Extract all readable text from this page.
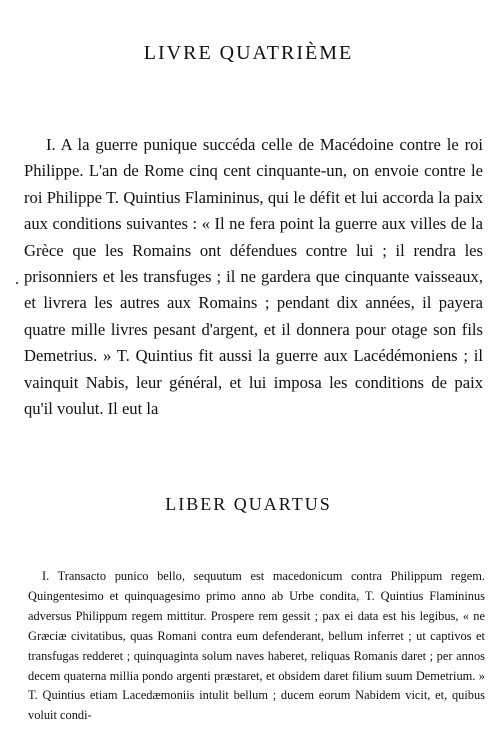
LIVRE QUATRIÈME

I. A la guerre punique succéda celle de Macédoine contre le roi Philippe. L'an de Rome cinq cent cinquante-un, on envoie contre le roi Philippe T. Quintius Flamininus, qui le défit et lui accorda la paix aux conditions suivantes : « Il ne fera point la guerre aux villes de la Grèce que les Romains ont défendues contre lui ; il rendra les prisonniers et les transfuges ; il ne gardera que cinquante vaisseaux, et livrera les autres aux Romains ; pendant dix années, il payera quatre mille livres pesant d'argent, et il donnera pour otage son fils Demetrius. » T. Quintius fit aussi la guerre aux Lacédémoniens ; il vainquit Nabis, leur général, et lui imposa les conditions de paix qu'il voulut. Il eut la

LIBER QUARTUS

I. Transacto punico bello, sequutum est macedonicum contra Philippum regem. Quingentesimo et quinquagesimo primo anno ab Urbe condita, T. Quintius Flamininus adversus Philippum regem mittitur. Prospere rem gessit ; pax ei data est his legibus, « ne Græciæ civitatibus, quas Romani contra eum defenderant, bellum inferret ; ut captivos et transfugas redderet ; quinquaginta solum naves haberet, reliquas Romanis daret ; per annos decem quaterna millia pondo argenti præstaret, et obsidem daret filium suum Demetrium. » T. Quintius etiam Lacedæmoniis intulit bellum ; ducem eorum Nabidem vicit, et, quibus voluit condi-
